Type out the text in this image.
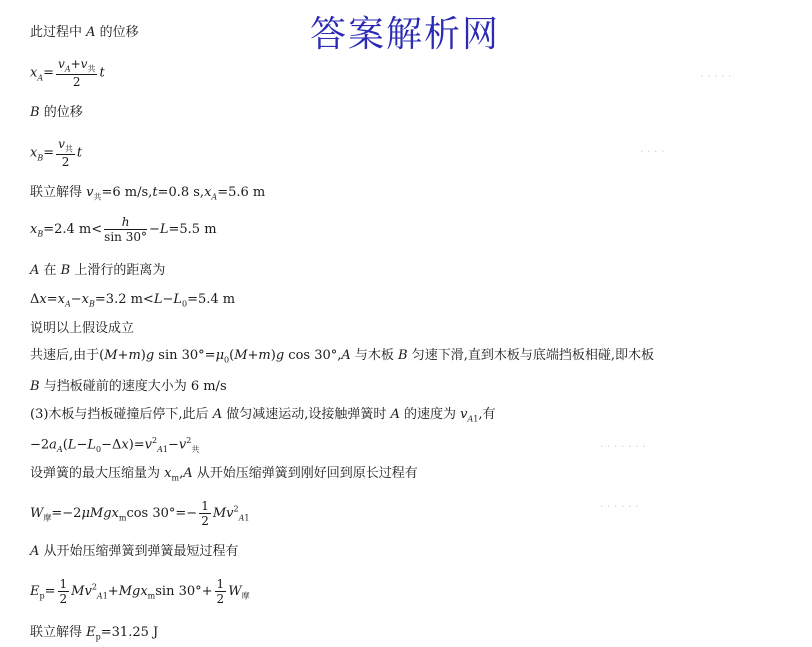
· · · · ·
· · · ·
· · · · · · ·
· · · · · ·
答案解析网
此过程中 A 的位移
$x_A= \frac{v_A+v_共}{2}$ t
B 的位移
$x_B= \frac{v_共}{2}$ t
联立解得 $v_共=6$ m/s,t=0.8 $s,x_A=5.6$ m
$x_B=2.4$ $m< \frac{h}{\sin 30^\circ} -L=5.5$ m
A 在 B 上滑行的距离为
$\Delta x=x_A-x_B=3.2$ $m<L-L_0=5.4$ m
说明以上假设成立
共速后,由于(M+m)g $\sin 30^\circ=\mu_0(M+m)g$ cos 30°,A 与木板 B 匀速下滑,直到木板与底端挡板相碰,即木板
B 与挡板碰前的速度大小为 6 m/s
(3)木板与挡板碰撞后停下,此后 A 做匀减速运动,设接触弹簧时 A 的速度为 $v_{A1}$,有
$-2a_A(L-L_0-\Delta x)=v^2_{A1}-v^2_共$
设弹簧的最大压缩量为 $x_m,A$ 从开始压缩弹簧到刚好回到原长过程有
$W_摩=-2\mu Mgx_m\cos$ $30^\circ=- \frac{1}{2} Mv^2_{A1}$
A 从开始压缩弹簧到弹簧最短过程有
$E_p= \frac{1}{2} Mv^2_{A1}+Mgx_m\sin$ $30^\circ+ \frac{1}{2} W_摩$
联立解得 $E_p=31.25$ J
